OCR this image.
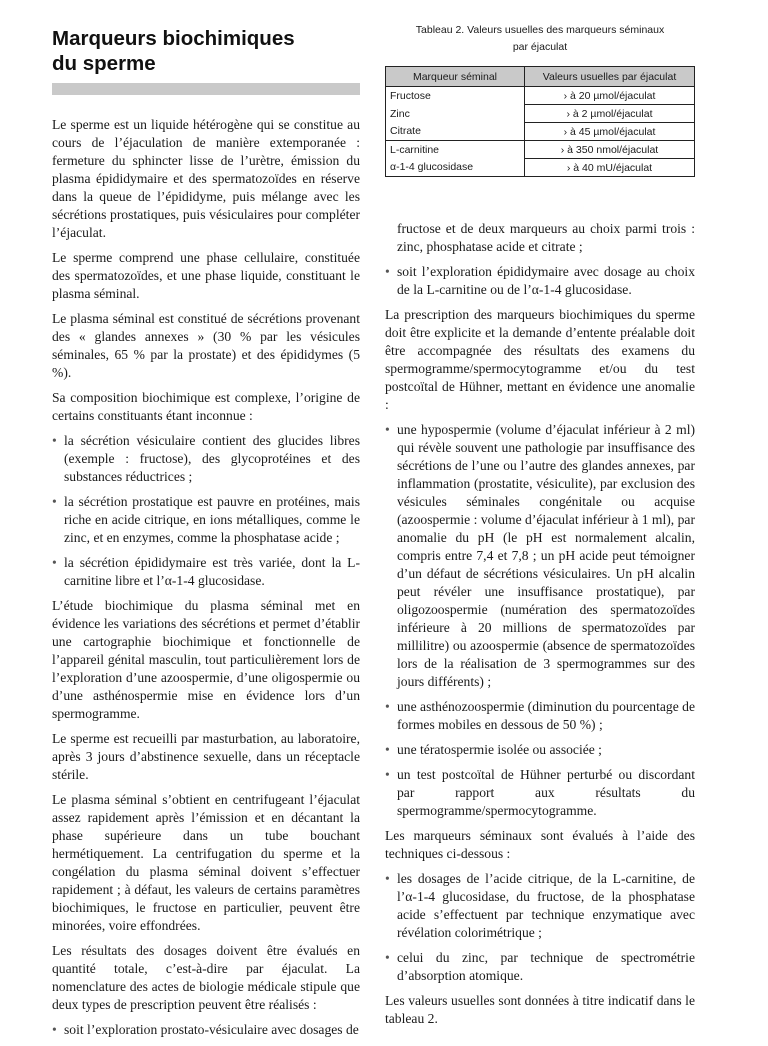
Marqueurs biochimiques
du sperme

Le sperme est un liquide hétérogène qui se constitue au cours de l’éjaculation de manière extemporanée : fermeture du sphincter lisse de l’urètre, émission du plasma épididymaire et des spermatozoïdes en réserve dans la queue de l’épididyme, puis mélange avec les sécrétions prostatiques, puis vésiculaires pour compléter l’éjaculat.

Le sperme comprend une phase cellulaire, constituée des spermatozoïdes, et une phase liquide, constituant le plasma séminal.

Le plasma séminal est constitué de sécrétions provenant des « glandes annexes » (30 % par les vésicules séminales, 65 % par la prostate) et des épididymes (5 %).

Sa composition biochimique est complexe, l’origine de certains constituants étant inconnue :

• la sécrétion vésiculaire contient des glucides libres (exemple : fructose), des glycoprotéines et des substances réductrices ;
• la sécrétion prostatique est pauvre en protéines, mais riche en acide citrique, en ions métalliques, comme le zinc, et en enzymes, comme la phosphatase acide ;
• la sécrétion épididymaire est très variée, dont la L-carnitine libre et l’α-1-4 glucosidase.

L’étude biochimique du plasma séminal met en évidence les variations des sécrétions et permet d’établir une cartographie biochimique et fonctionnelle de l’appareil génital masculin, tout particulièrement lors de l’exploration d’une azoospermie, d’une oligospermie ou d’une asthénospermie mise en évidence lors d’un spermogramme.

Le sperme est recueilli par masturbation, au laboratoire, après 3 jours d’abstinence sexuelle, dans un réceptacle stérile.

Le plasma séminal s’obtient en centrifugeant l’éjaculat assez rapidement après l’émission et en décantant la phase supérieure dans un tube bouchant hermétiquement. La centrifugation du sperme et la congélation du plasma séminal doivent s’effectuer rapidement ; à défaut, les valeurs de certains paramètres biochimiques, le fructose en particulier, peuvent être minorées, voire effondrées.

Les résultats des dosages doivent être évalués en quantité totale, c’est-à-dire par éjaculat. La nomenclature des actes de biologie médicale stipule que deux types de prescription peuvent être réalisés :

• soit l’exploration prostato-vésiculaire avec dosages de

Tableau 2. Valeurs usuelles des marqueurs séminaux
par éjaculat

Marqueur séminal	Valeurs usuelles par éjaculat
Fructose	› à 20 µmol/éjaculat
Zinc	› à 2 µmol/éjaculat
Citrate	› à 45 µmol/éjaculat
L-carnitine	› à 350 nmol/éjaculat
α-1-4 glucosidase	› à 40 mU/éjaculat

fructose et de deux marqueurs au choix parmi trois : zinc, phosphatase acide et citrate ;

• soit l’exploration épididymaire avec dosage au choix de la L-carnitine ou de l’α-1-4 glucosidase.

La prescription des marqueurs biochimiques du sperme doit être explicite et la demande d’entente préalable doit être accompagnée des résultats des examens du spermogramme/spermocytogramme et/ou du test postcoïtal de Hühner, mettant en évidence une anomalie :

• une hypospermie (volume d’éjaculat inférieur à 2 ml) qui révèle souvent une pathologie par insuffisance des sécrétions de l’une ou l’autre des glandes annexes, par inflammation (prostatite, vésiculite), par exclusion des vésicules séminales congénitale ou acquise (azoospermie : volume d’éjaculat inférieur à 1 ml), par anomalie du pH (le pH est normalement alcalin, compris entre 7,4 et 7,8 ; un pH acide peut témoigner d’un défaut de sécrétions vésiculaires. Un pH alcalin peut révéler une insuffisance prostatique), par oligozoospermie (numération des spermatozoïdes inférieure à 20 millions de spermatozoïdes par millilitre) ou azoospermie (absence de spermatozoïdes lors de la réalisation de 3 spermogrammes sur des jours différents) ;
• une asthénozoospermie (diminution du pourcentage de formes mobiles en dessous de 50 %) ;
• une tératospermie isolée ou associée ;
• un test postcoïtal de Hühner perturbé ou discordant par rapport aux résultats du spermogramme/spermocytogramme.

Les marqueurs séminaux sont évalués à l’aide des techniques ci-dessous :

• les dosages de l’acide citrique, de la L-carnitine, de l’α-1-4 glucosidase, du fructose, de la phosphatase acide s’effectuent par technique enzymatique avec révélation colorimétrique ;
• celui du zinc, par technique de spectrométrie d’absorption atomique.

Les valeurs usuelles sont données à titre indicatif dans le tableau 2.
